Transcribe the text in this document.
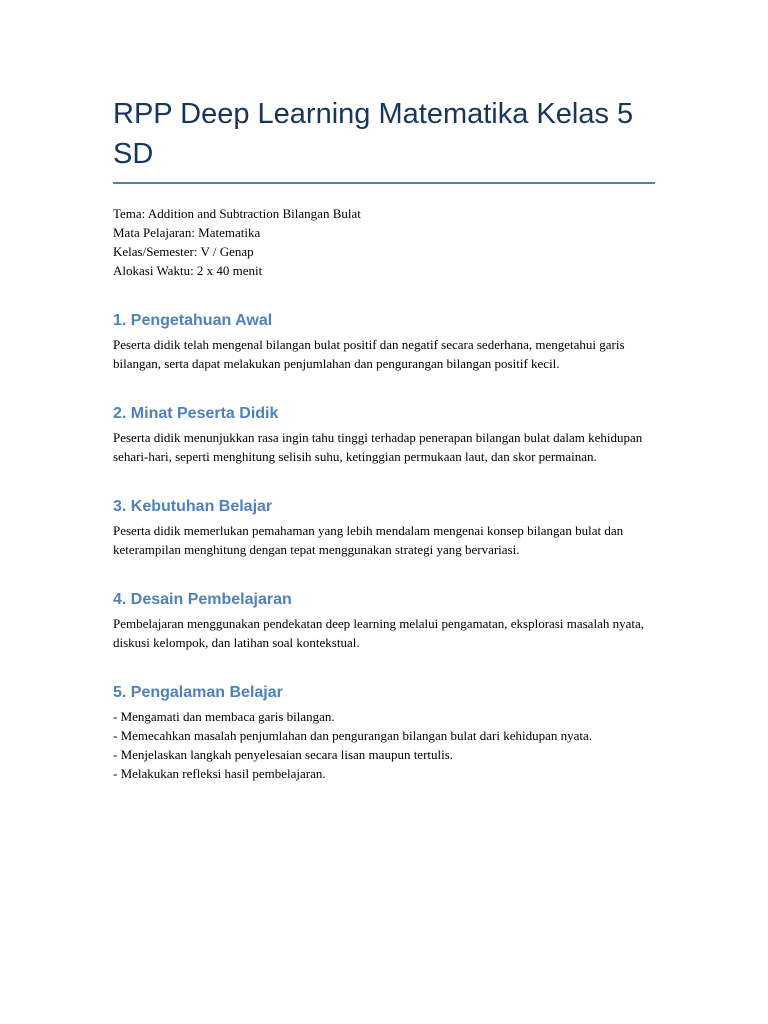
RPP Deep Learning Matematika Kelas 5 SD
Tema: Addition and Subtraction Bilangan Bulat
Mata Pelajaran: Matematika
Kelas/Semester: V / Genap
Alokasi Waktu: 2 x 40 menit
1. Pengetahuan Awal

Peserta didik telah mengenal bilangan bulat positif dan negatif secara sederhana, mengetahui garis bilangan, serta dapat melakukan penjumlahan dan pengurangan bilangan positif kecil.

2. Minat Peserta Didik

Peserta didik menunjukkan rasa ingin tahu tinggi terhadap penerapan bilangan bulat dalam kehidupan sehari-hari, seperti menghitung selisih suhu, ketinggian permukaan laut, dan skor permainan.

3. Kebutuhan Belajar

Peserta didik memerlukan pemahaman yang lebih mendalam mengenai konsep bilangan bulat dan keterampilan menghitung dengan tepat menggunakan strategi yang bervariasi.

4. Desain Pembelajaran

Pembelajaran menggunakan pendekatan deep learning melalui pengamatan, eksplorasi masalah nyata, diskusi kelompok, dan latihan soal kontekstual.

5. Pengalaman Belajar
- Mengamati dan membaca garis bilangan.
- Memecahkan masalah penjumlahan dan pengurangan bilangan bulat dari kehidupan nyata.
- Menjelaskan langkah penyelesaian secara lisan maupun tertulis.
- Melakukan refleksi hasil pembelajaran.
